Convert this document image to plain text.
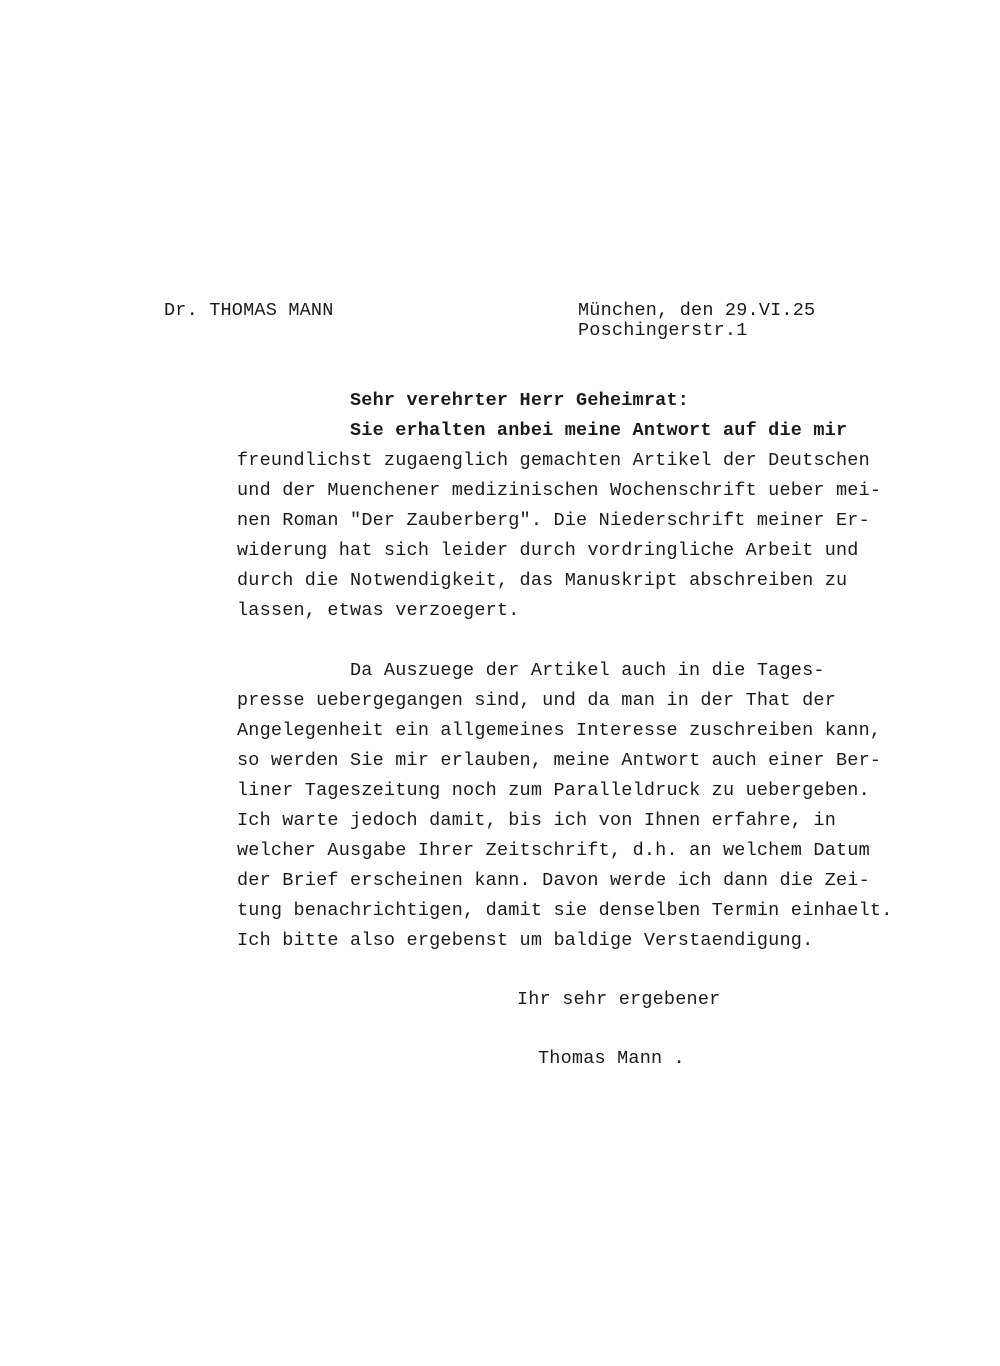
Dr. THOMAS MANN	München, den 29.VI.25
Poschingerstr.1
Sehr verehrter Herr Geheimrat:
Sie erhalten anbei meine Antwort auf die mir
freundlichst zugaenglich gemachten Artikel der Deutschen
und der Muenchener medizinischen Wochenschrift ueber mei-
nen Roman "Der Zauberberg". Die Niederschrift meiner Er-
widerung hat sich leider durch vordringliche Arbeit und
durch die Notwendigkeit, das Manuskript abschreiben zu
lassen, etwas verzoegert.
Da Auszuege der Artikel auch in die Tages-
presse uebergegangen sind, und da man in der That der
Angelegenheit ein allgemeines Interesse zuschreiben kann,
so werden Sie mir erlauben, meine Antwort auch einer Ber-
liner Tageszeitung noch zum Paralleldruck zu uebergeben.
Ich warte jedoch damit, bis ich von Ihnen erfahre, in
welcher Ausgabe Ihrer Zeitschrift, d.h. an welchem Datum
der Brief erscheinen kann. Davon werde ich dann die Zei-
tung benachrichtigen, damit sie denselben Termin einhaelt.
Ich bitte also ergebenst um baldige Verstaendigung.
Ihr sehr ergebener
Thomas Mann .
